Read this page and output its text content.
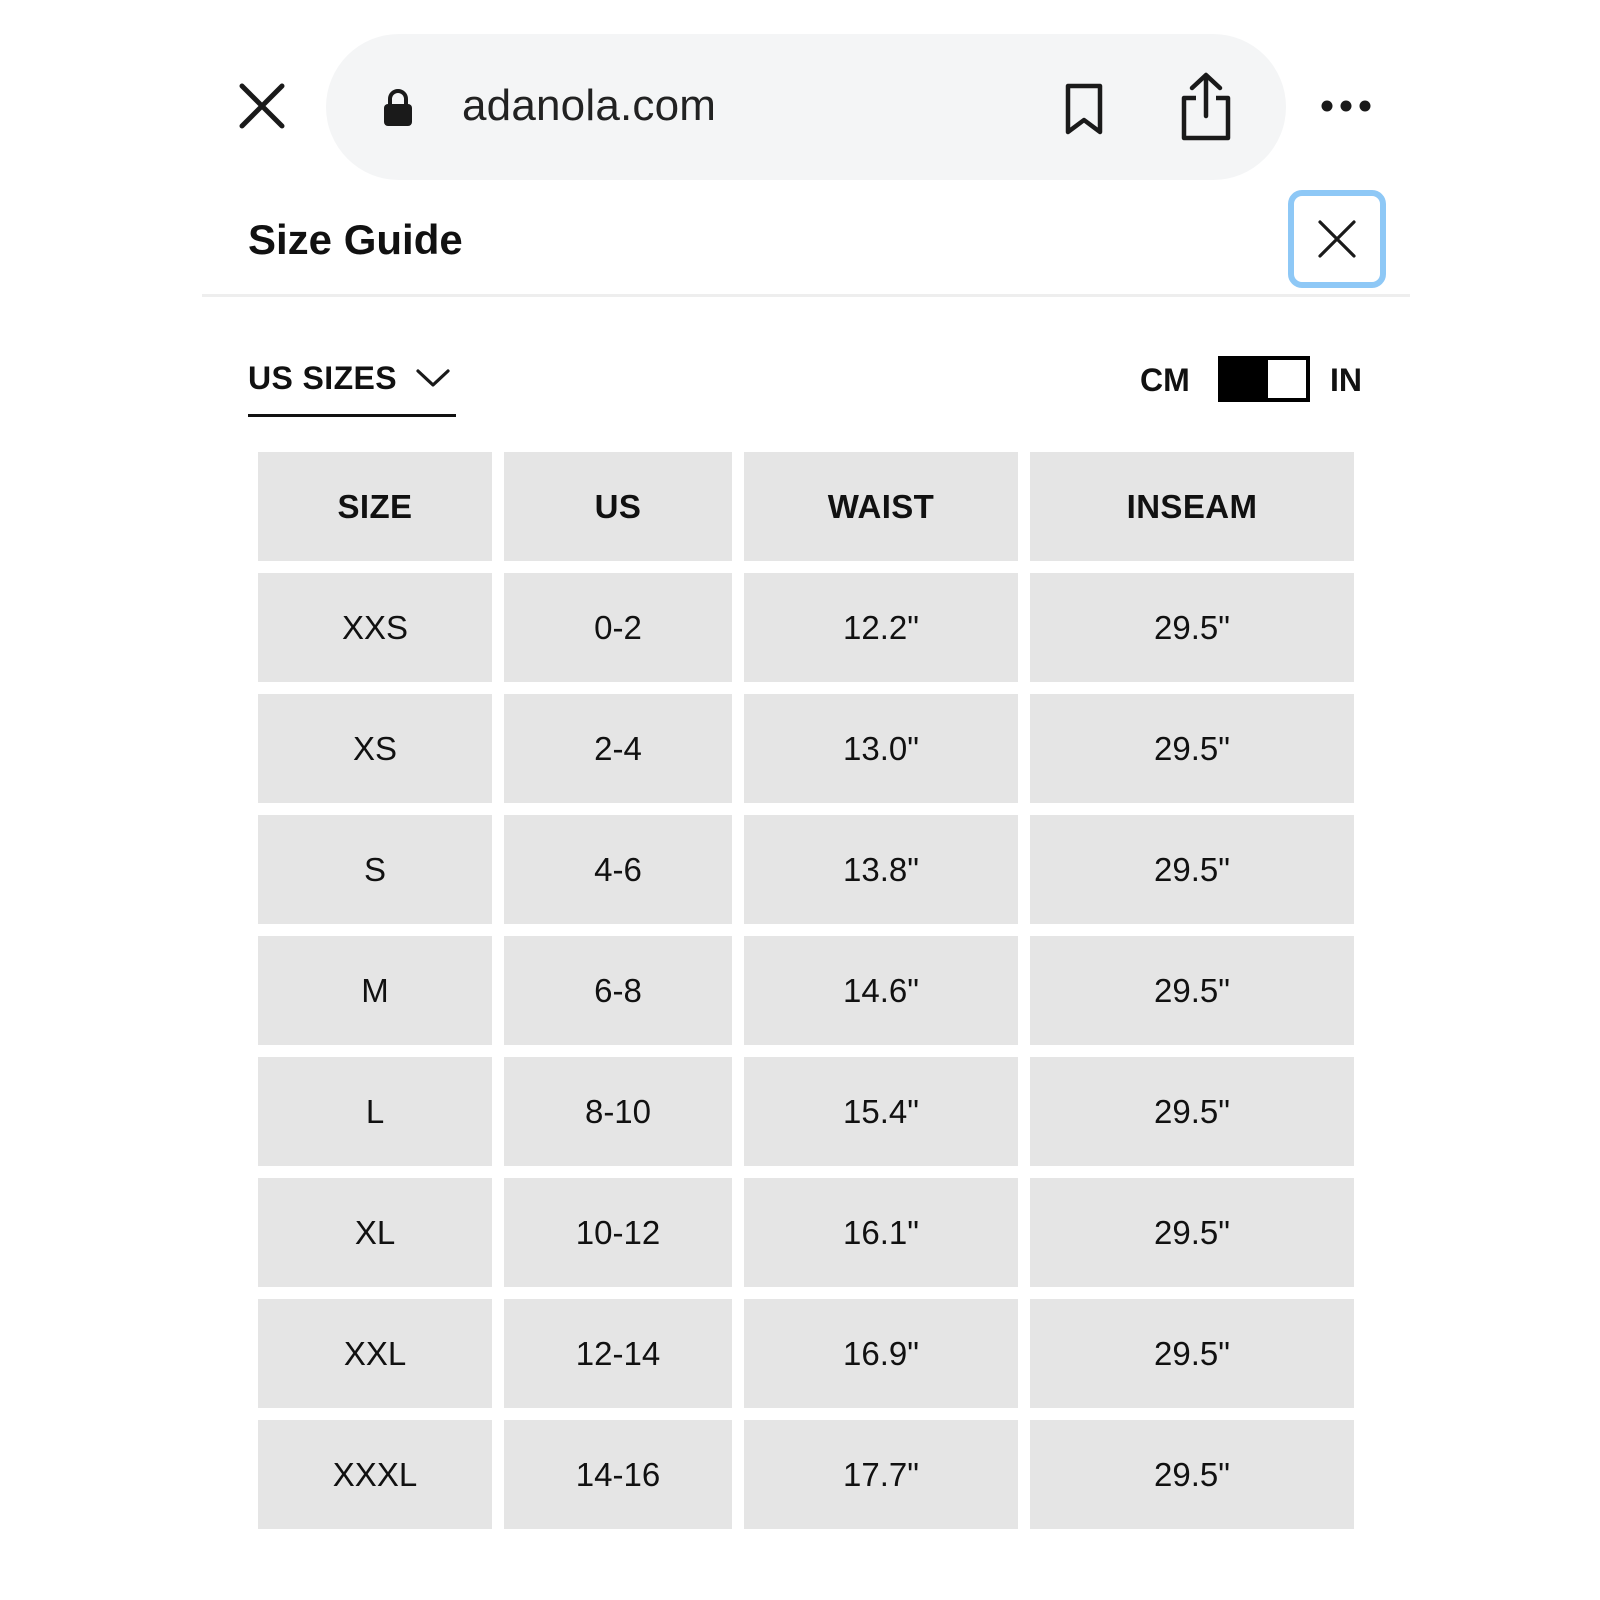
adanola.com
Size Guide
US SIZES	CM	IN
SIZE	US	WAIST	INSEAM
XXS	0-2	12.2"	29.5"
XS	2-4	13.0"	29.5"
S	4-6	13.8"	29.5"
M	6-8	14.6"	29.5"
L	8-10	15.4"	29.5"
XL	10-12	16.1"	29.5"
XXL	12-14	16.9"	29.5"
XXXL	14-16	17.7"	29.5"
